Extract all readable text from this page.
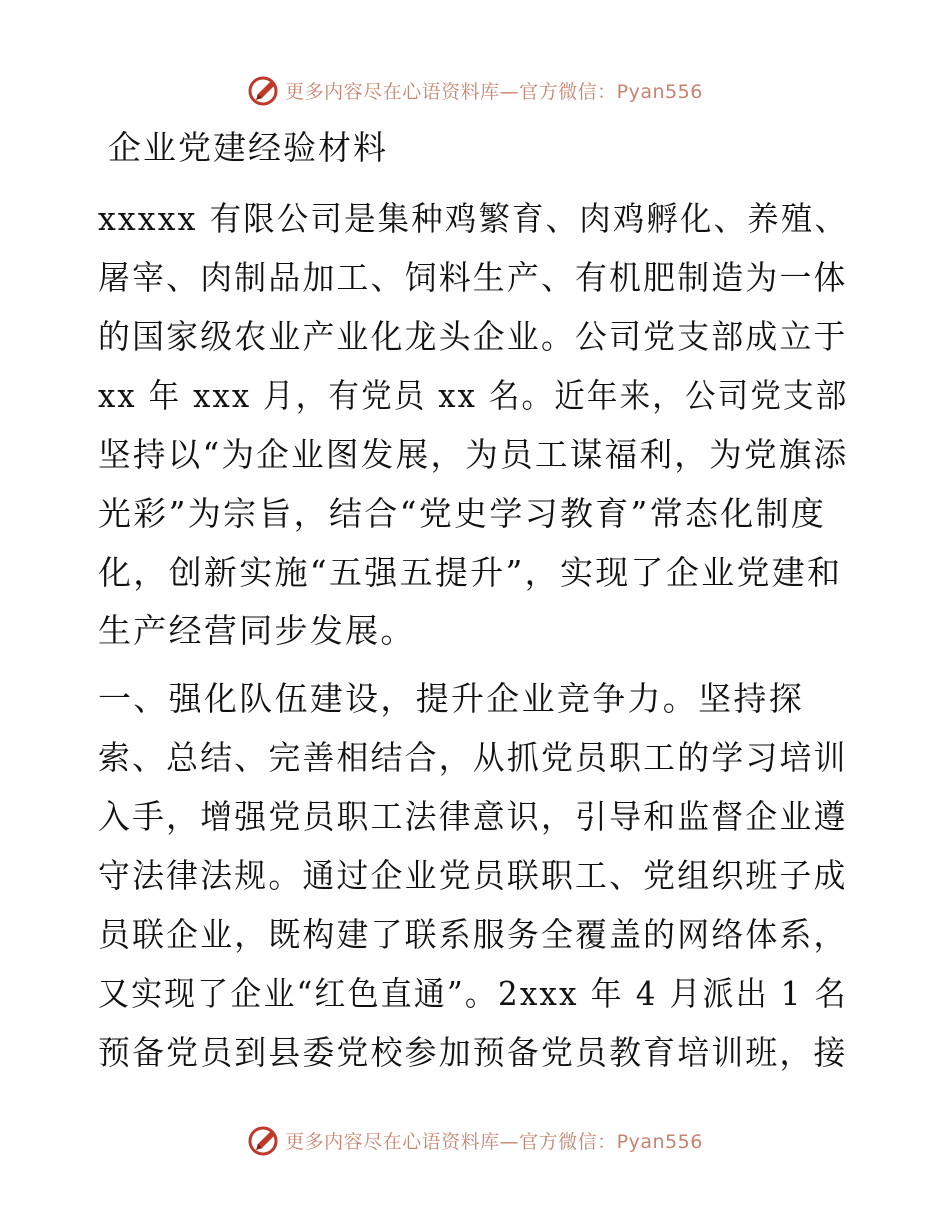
更多内容尽在心语资料库—官方微信：Pyan556
企业党建经验材料
xxxxx 有限公司是集种鸡繁育、肉鸡孵化、养殖、
屠宰、肉制品加工、饲料生产、有机肥制造为一体
的国家级农业产业化龙头企业。公司党支部成立于
xx 年 xxx 月，有党员 xx 名。近年来，公司党支部
坚持以“为企业图发展，为员工谋福利，为党旗添
光彩”为宗旨，结合“党史学习教育”常态化制度
化，创新实施“五强五提升”，实现了企业党建和
生产经营同步发展。
一、强化队伍建设，提升企业竞争力。坚持探
索、总结、完善相结合，从抓党员职工的学习培训
入手，增强党员职工法律意识，引导和监督企业遵
守法律法规。通过企业党员联职工、党组织班子成
员联企业，既构建了联系服务全覆盖的网络体系，
又实现了企业“红色直通”。2xxx 年 4 月派出 1 名
预备党员到县委党校参加预备党员教育培训班，接
更多内容尽在心语资料库—官方微信：Pyan556
